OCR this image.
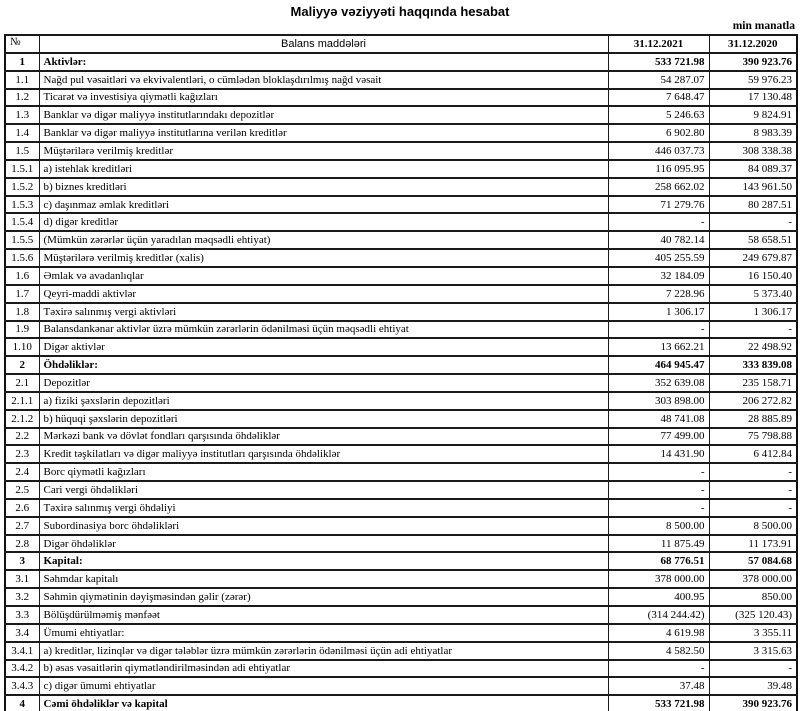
Maliyyə vəziyyəti haqqında hesabat
min manatla
№	Balans maddələri	31.12.2021	31.12.2020
1	Aktivlər:	533 721.98	390 923.76
1.1	Nağd pul vəsaitləri və ekvivalentləri, o cümlədən bloklaşdırılmış nağd vəsait	54 287.07	59 976.23
1.2	Ticarət və investisiya qiymətli kağızları	7 648.47	17 130.48
1.3	Banklar və digər maliyyə institutlarındakı depozitlər	5 246.63	9 824.91
1.4	Banklar və digər maliyyə institutlarına verilən kreditlər	6 902.80	8 983.39
1.5	Müştərilərə verilmiş kreditlər	446 037.73	308 338.38
1.5.1	a) istehlak kreditləri	116 095.95	84 089.37
1.5.2	b) biznes kreditləri	258 662.02	143 961.50
1.5.3	c) daşınmaz əmlak kreditləri	71 279.76	80 287.51
1.5.4	d) digər kreditlər	-	-
1.5.5	(Mümkün zərərlər üçün yaradılan məqsədli ehtiyat)	40 782.14	58 658.51
1.5.6	Müştərilərə verilmiş kreditlər (xalis)	405 255.59	249 679.87
1.6	Əmlak və avadanlıqlar	32 184.09	16 150.40
1.7	Qeyri-maddi aktivlər	7 228.96	5 373.40
1.8	Təxirə salınmış vergi aktivləri	1 306.17	1 306.17
1.9	Balansdankənar aktivlər üzrə mümkün zərərlərin ödənilməsi üçün məqsədli ehtiyat	-	-
1.10	Digər aktivlər	13 662.21	22 498.92
2	Öhdəliklər:	464 945.47	333 839.08
2.1	Depozitlər	352 639.08	235 158.71
2.1.1	a) fiziki şəxslərin depozitləri	303 898.00	206 272.82
2.1.2	b) hüquqi şəxslərin depozitləri	48 741.08	28 885.89
2.2	Mərkəzi bank və dövlət fondları qarşısında öhdəliklər	77 499.00	75 798.88
2.3	Kredit təşkilatları və digər maliyyə institutları qarşısında öhdəliklər	14 431.90	6 412.84
2.4	Borc qiymətli kağızları	-	-
2.5	Cari vergi öhdəlikləri	-	-
2.6	Təxirə salınmış vergi öhdəliyi	-	-
2.7	Subordinasiya borc öhdəlikləri	8 500.00	8 500.00
2.8	Digər öhdəliklər	11 875.49	11 173.91
3	Kapital:	68 776.51	57 084.68
3.1	Səhmdar kapitalı	378 000.00	378 000.00
3.2	Səhmin qiymətinin dəyişməsindən gəlir (zərər)	400.95	850.00
3.3	Bölüşdürülməmiş mənfəət	(314 244.42)	(325 120.43)
3.4	Ümumi ehtiyatlar:	4 619.98	3 355.11
3.4.1	a) kreditlər, lizinqlər və digər tələblər üzrə mümkün zərərlərin ödənilməsi üçün adi ehtiyatlar	4 582.50	3 315.63
3.4.2	b) əsas vəsaitlərin qiymətləndirilməsindən adi ehtiyatlar	-	-
3.4.3	c) digər ümumi ehtiyatlar	37.48	39.48
4	Cəmi öhdəliklər və kapital	533 721.98	390 923.76
